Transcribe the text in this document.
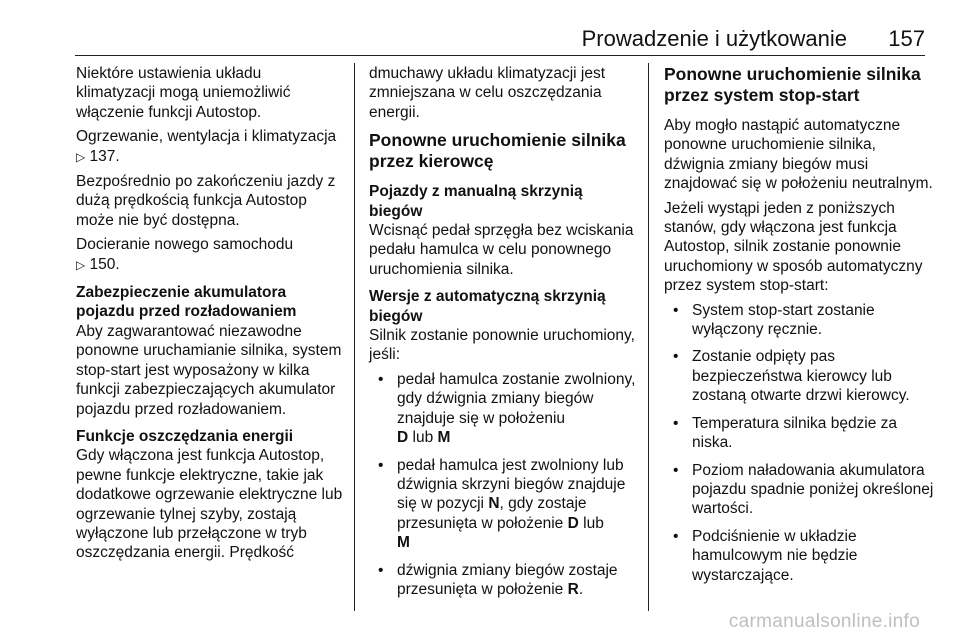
Prowadzenie i użytkowanie 157

Niektóre ustawienia układu klimatyzacji mogą uniemożliwić włączenie funkcji Autostop.

Ogrzewanie, wentylacja i klimatyzacja ▷ 137.

Bezpośrednio po zakończeniu jazdy z dużą prędkością funkcja Autostop może nie być dostępna.

Docieranie nowego samochodu
▷ 150.

Zabezpieczenie akumulatora pojazdu przed rozładowaniem

Aby zagwarantować niezawodne ponowne uruchamianie silnika, system stop-start jest wyposażony w kilka funkcji zabezpieczających akumulator pojazdu przed rozładowaniem.

Funkcje oszczędzania energii

Gdy włączona jest funkcja Autostop, pewne funkcje elektryczne, takie jak dodatkowe ogrzewanie elektryczne lub ogrzewanie tylnej szyby, zostają wyłączone lub przełączone w tryb oszczędzania energii. Prędkość

dmuchawy układu klimatyzacji jest zmniejszana w celu oszczędzania energii.

Ponowne uruchomienie silnika przez kierowcę

Pojazdy z manualną skrzynią biegów

Wcisnąć pedał sprzęgła bez wciskania pedału hamulca w celu ponownego uruchomienia silnika.

Wersje z automatyczną skrzynią biegów

Silnik zostanie ponownie uruchomiony, jeśli:

• pedał hamulca zostanie zwolniony, gdy dźwignia zmiany biegów znajduje się w położeniu
D lub M
• pedał hamulca jest zwolniony lub dźwignia skrzyni biegów znajduje się w pozycji N, gdy zostaje przesunięta w położenie D lub
M
• dźwignia zmiany biegów zostaje przesunięta w położenie R.

Ponowne uruchomienie silnika przez system stop-start

Aby mogło nastąpić automatyczne ponowne uruchomienie silnika, dźwignia zmiany biegów musi znajdować się w położeniu neutralnym.

Jeżeli wystąpi jeden z poniższych stanów, gdy włączona jest funkcja Autostop, silnik zostanie ponownie uruchomiony w sposób automatyczny przez system stop-start:

• System stop-start zostanie wyłączony ręcznie.
• Zostanie odpięty pas bezpieczeństwa kierowcy lub zostaną otwarte drzwi kierowcy.
• Temperatura silnika będzie za niska.
• Poziom naładowania akumulatora pojazdu spadnie poniżej określonej wartości.
• Podciśnienie w układzie hamulcowym nie będzie wystarczające.
carmanualsonline.info
